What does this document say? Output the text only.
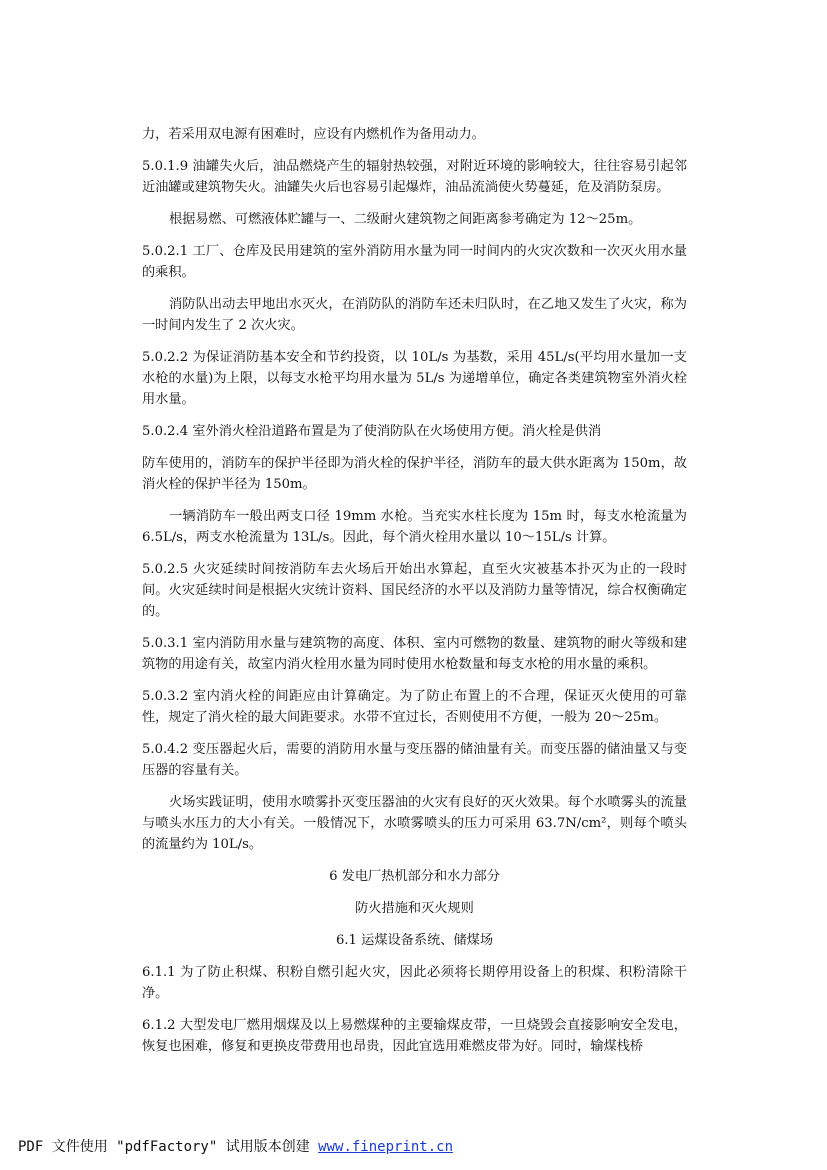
力，若采用双电源有困难时，应设有内燃机作为备用动力。

5.0.1.9 油罐失火后，油品燃烧产生的辐射热较强，对附近环境的影响较大，往往容易引起邻近油罐或建筑物失火。油罐失火后也容易引起爆炸，油品流淌使火势蔓延，危及消防泵房。

根据易燃、可燃液体贮罐与一、二级耐火建筑物之间距离参考确定为 12～25m。

5.0.2.1 工厂、仓库及民用建筑的室外消防用水量为同一时间内的火灾次数和一次灭火用水量的乘积。

消防队出动去甲地出水灭火，在消防队的消防车还未归队时，在乙地又发生了火灾，称为一时间内发生了 2 次火灾。

5.0.2.2 为保证消防基本安全和节约投资，以 10L/s 为基数，采用 45L/s(平均用水量加一支水枪的水量)为上限，以每支水枪平均用水量为 5L/s 为递增单位，确定各类建筑物室外消火栓用水量。

5.0.2.4 室外消火栓沿道路布置是为了使消防队在火场使用方便。消火栓是供消

防车使用的，消防车的保护半径即为消火栓的保护半径，消防车的最大供水距离为 150m，故消火栓的保护半径为 150m。

一辆消防车一般出两支口径 19mm 水枪。当充实水柱长度为 15m 时，每支水枪流量为 6.5L/s，两支水枪流量为 13L/s。因此，每个消火栓用水量以 10～15L/s 计算。

5.0.2.5 火灾延续时间按消防车去火场后开始出水算起，直至火灾被基本扑灭为止的一段时间。火灾延续时间是根据火灾统计资料、国民经济的水平以及消防力量等情况，综合权衡确定的。

5.0.3.1 室内消防用水量与建筑物的高度、体积、室内可燃物的数量、建筑物的耐火等级和建筑物的用途有关，故室内消火栓用水量为同时使用水枪数量和每支水枪的用水量的乘积。

5.0.3.2 室内消火栓的间距应由计算确定。为了防止布置上的不合理，保证灭火使用的可靠性，规定了消火栓的最大间距要求。水带不宜过长，否则使用不方便，一般为 20～25m。

5.0.4.2 变压器起火后，需要的消防用水量与变压器的储油量有关。而变压器的储油量又与变压器的容量有关。

火场实践证明，使用水喷雾扑灭变压器油的火灾有良好的灭火效果。每个水喷雾头的流量与喷头水压力的大小有关。一般情况下，水喷雾喷头的压力可采用 63.7N/cm²，则每个喷头的流量约为 10L/s。

6 发电厂热机部分和水力部分

防火措施和灭火规则

6.1 运煤设备系统、储煤场

6.1.1 为了防止积煤、积粉自燃引起火灾，因此必须将长期停用设备上的积煤、积粉清除干净。

6.1.2 大型发电厂燃用烟煤及以上易燃煤种的主要输煤皮带，一旦烧毁会直接影响安全发电，恢复也困难，修复和更换皮带费用也昂贵，因此宜选用难燃皮带为好。同时，输煤栈桥

PDF 文件使用 "pdfFactory" 试用版本创建 www.fineprint.cn
